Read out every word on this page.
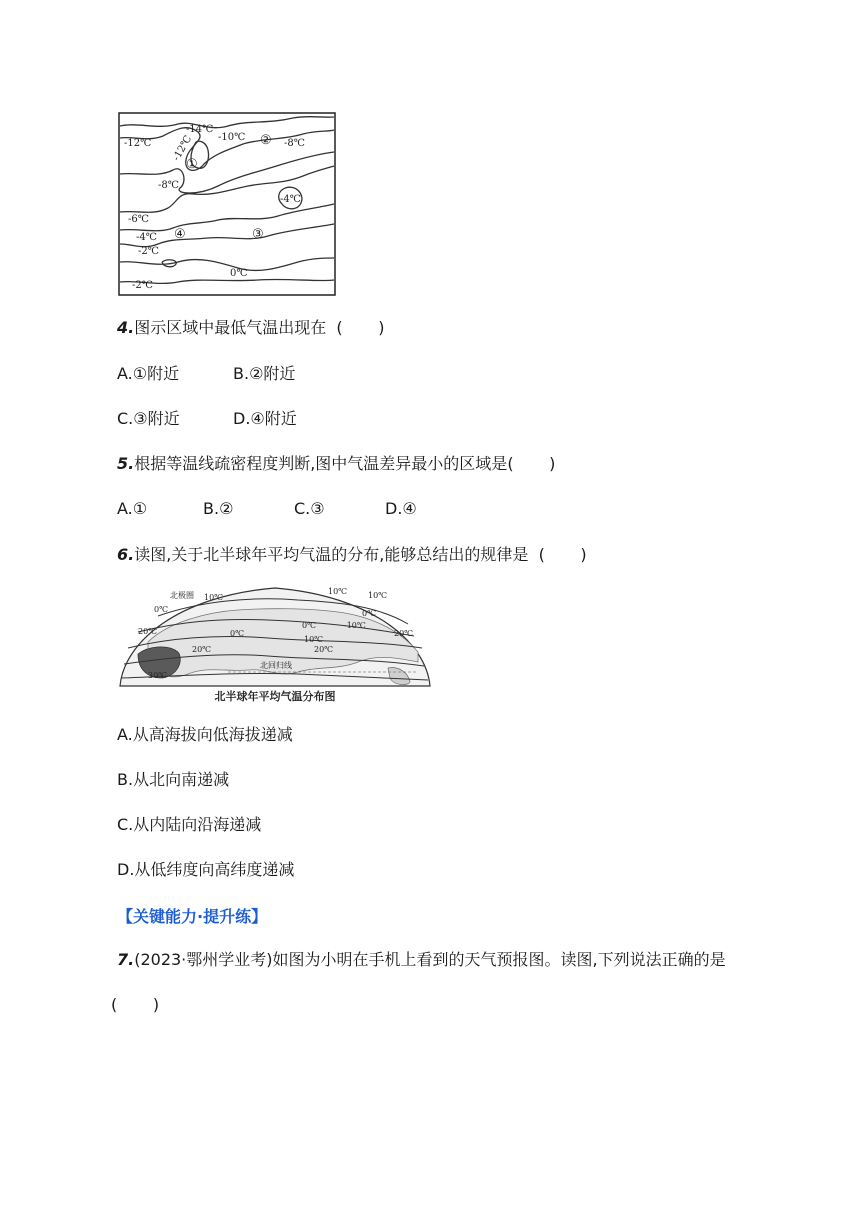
-12℃
-14℃
-10℃
-12℃	-8℃
-8℃
-4℃
-6℃
-4℃
-2℃
0℃
-2℃
①
②
③
④
4.图示区域中最低气温出现在 (       )
A.①附近	B.②附近
C.③附近	D.④附近
5.根据等温线疏密程度判断,图中气温差异最小的区域是(       )
A.①	B.②	C.③	D.④
6.读图,关于北半球年平均气温的分布,能够总结出的规律是 (       )
北极圈 10℃
0℃
10℃	10℃
20℃	0℃
0℃
-10℃
0℃
10℃
20℃
20℃
30℃
北回归线
20℃
北半球年平均气温分布图
A.从高海拔向低海拔递减
B.从北向南递减
C.从内陆向沿海递减
D.从低纬度向高纬度递减
【关键能力·提升练】
7.(2023·鄂州学业考)如图为小明在手机上看到的天气预报图。读图,下列说法正确的是
(       )
